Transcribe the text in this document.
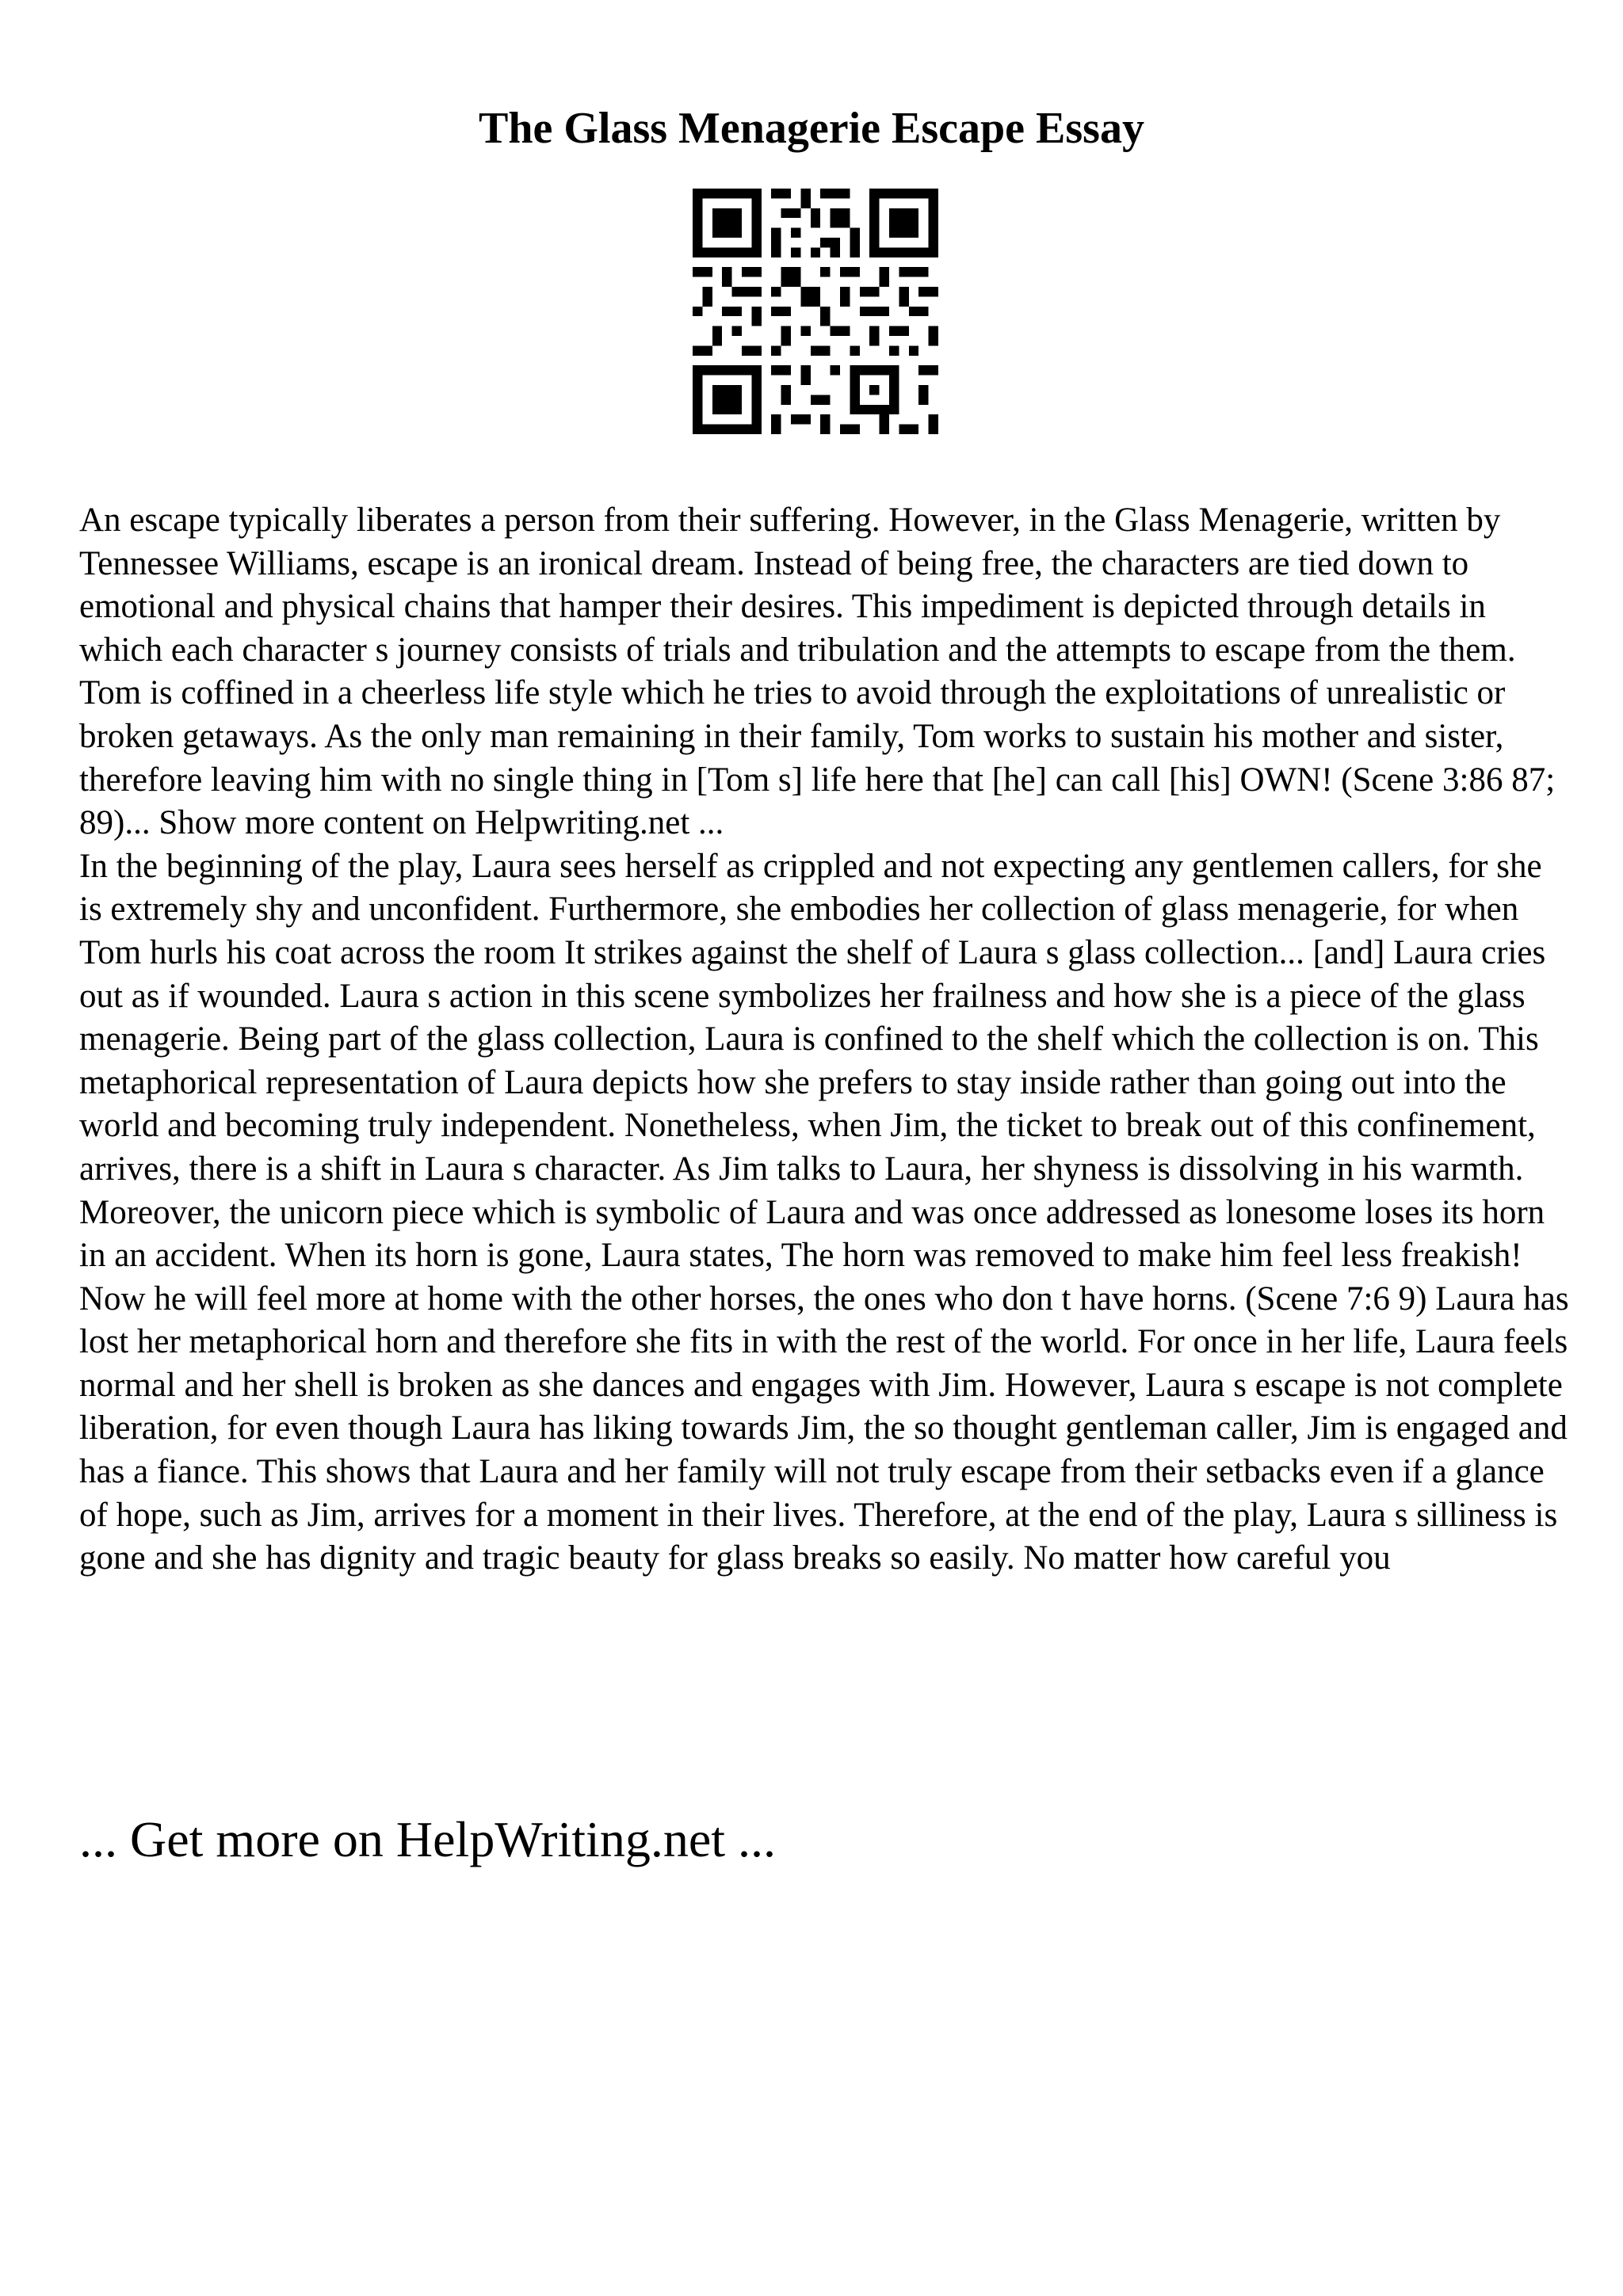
The Glass Menagerie Escape Essay

An escape typically liberates a person from their suffering. However, in the Glass Menagerie, written by Tennessee Williams, escape is an ironical dream. Instead of being free, the characters are tied down to emotional and physical chains that hamper their desires. This impediment is depicted through details in which each character s journey consists of trials and tribulation and the attempts to escape from the them. Tom is coffined in a cheerless life style which he tries to avoid through the exploitations of unrealistic or broken getaways. As the only man remaining in their family, Tom works to sustain his mother and sister, therefore leaving him with no single thing in [Tom s] life here that [he] can call [his] OWN! (Scene 3:86 87; 89)... Show more content on Helpwriting.net ...

In the beginning of the play, Laura sees herself as crippled and not expecting any gentlemen callers, for she is extremely shy and unconfident. Furthermore, she embodies her collection of glass menagerie, for when Tom hurls his coat across the room It strikes against the shelf of Laura s glass collection... [and] Laura cries out as if wounded. Laura s action in this scene symbolizes her frailness and how she is a piece of the glass menagerie. Being part of the glass collection, Laura is confined to the shelf which the collection is on. This metaphorical representation of Laura depicts how she prefers to stay inside rather than going out into the world and becoming truly independent. Nonetheless, when Jim, the ticket to break out of this confinement, arrives, there is a shift in Laura s character. As Jim talks to Laura, her shyness is dissolving in his warmth. Moreover, the unicorn piece which is symbolic of Laura and was once addressed as lonesome loses its horn in an accident. When its horn is gone, Laura states, The horn was removed to make him feel less freakish! Now he will feel more at home with the other horses, the ones who don t have horns. (Scene 7:6 9) Laura has lost her metaphorical horn and therefore she fits in with the rest of the world. For once in her life, Laura feels normal and her shell is broken as she dances and engages with Jim. However, Laura s escape is not complete liberation, for even though Laura has liking towards Jim, the so thought gentleman caller, Jim is engaged and has a fiance. This shows that Laura and her family will not truly escape from their setbacks even if a glance of hope, such as Jim, arrives for a moment in their lives. Therefore, at the end of the play, Laura s silliness is gone and she has dignity and tragic beauty for glass breaks so easily. No matter how careful you

... Get more on HelpWriting.net ...
